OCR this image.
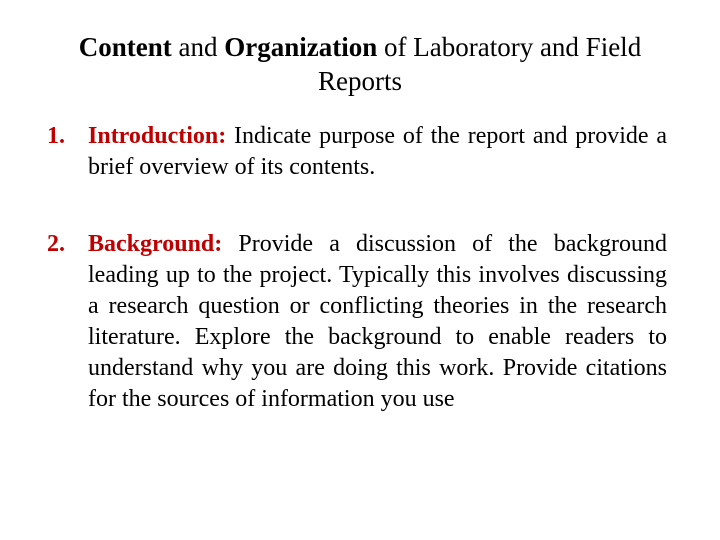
Content and Organization of Laboratory and Field Reports
1. Introduction: Indicate purpose of the report and provide a brief overview of its contents.
2. Background: Provide a discussion of the background leading up to the project. Typically this involves discussing a research question or conflicting theories in the research literature. Explore the background to enable readers to understand why you are doing this work. Provide citations for the sources of information you use
